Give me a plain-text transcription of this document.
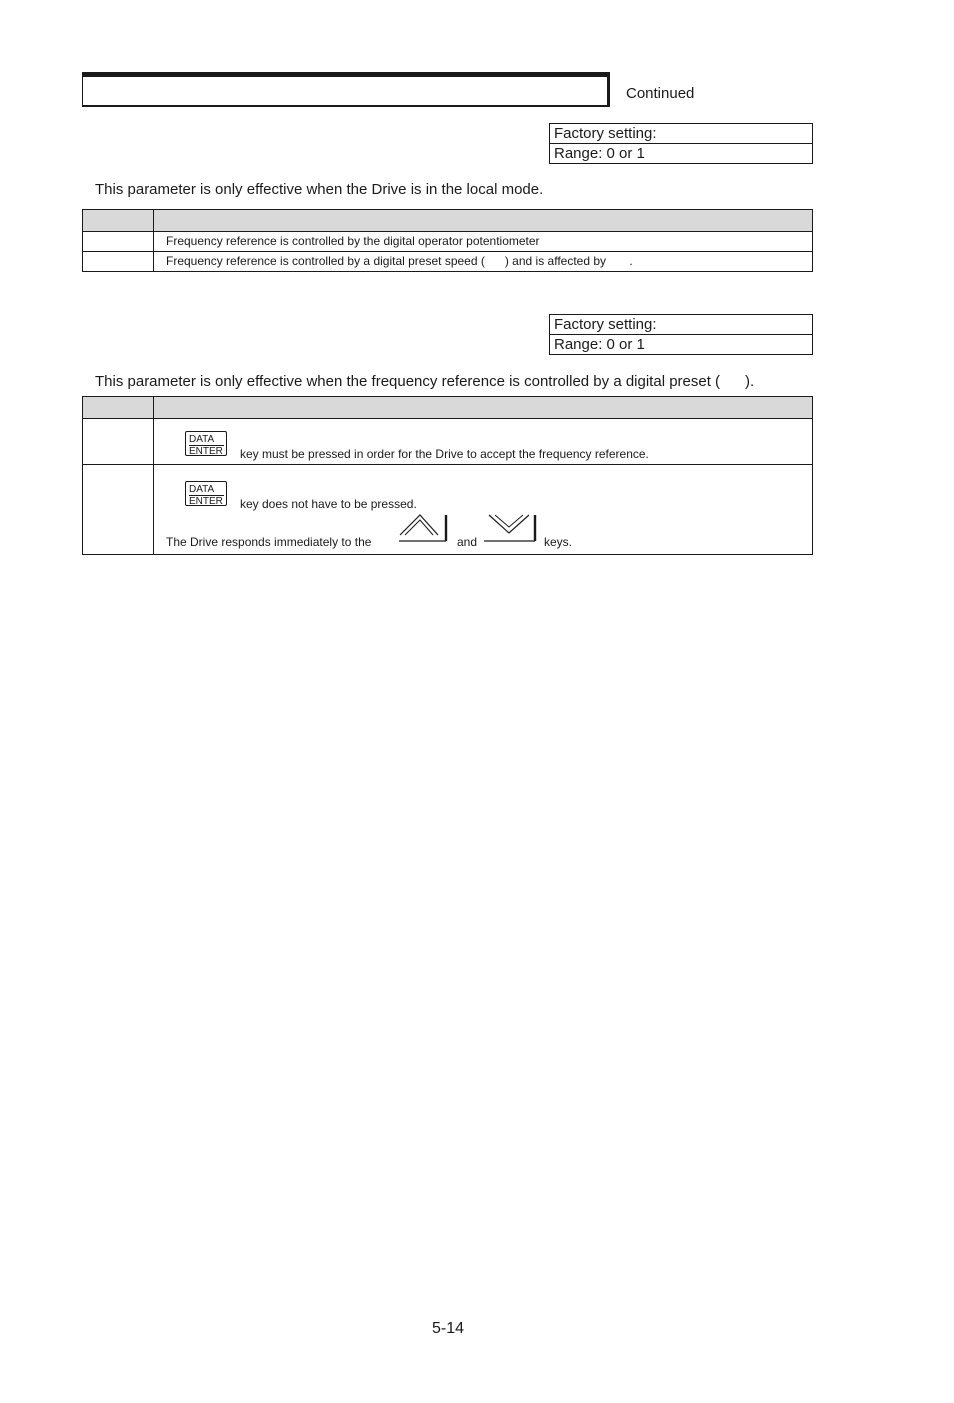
Continued
Factory setting:
Range: 0 or 1
This parameter is only effective when the Drive is in the local mode.
Frequency reference is controlled by the digital operator potentiometer
Frequency reference is controlled by a digital preset speed (      ) and is affected by       .
Factory setting:
Range: 0 or 1
This parameter is only effective when the frequency reference is controlled by a digital preset (      ).
DATA
ENTER key must be pressed in order for the Drive to accept the frequency reference.
DATA
ENTER key does not have to be pressed.
The Drive responds immediately to the	and	keys.
5-14
